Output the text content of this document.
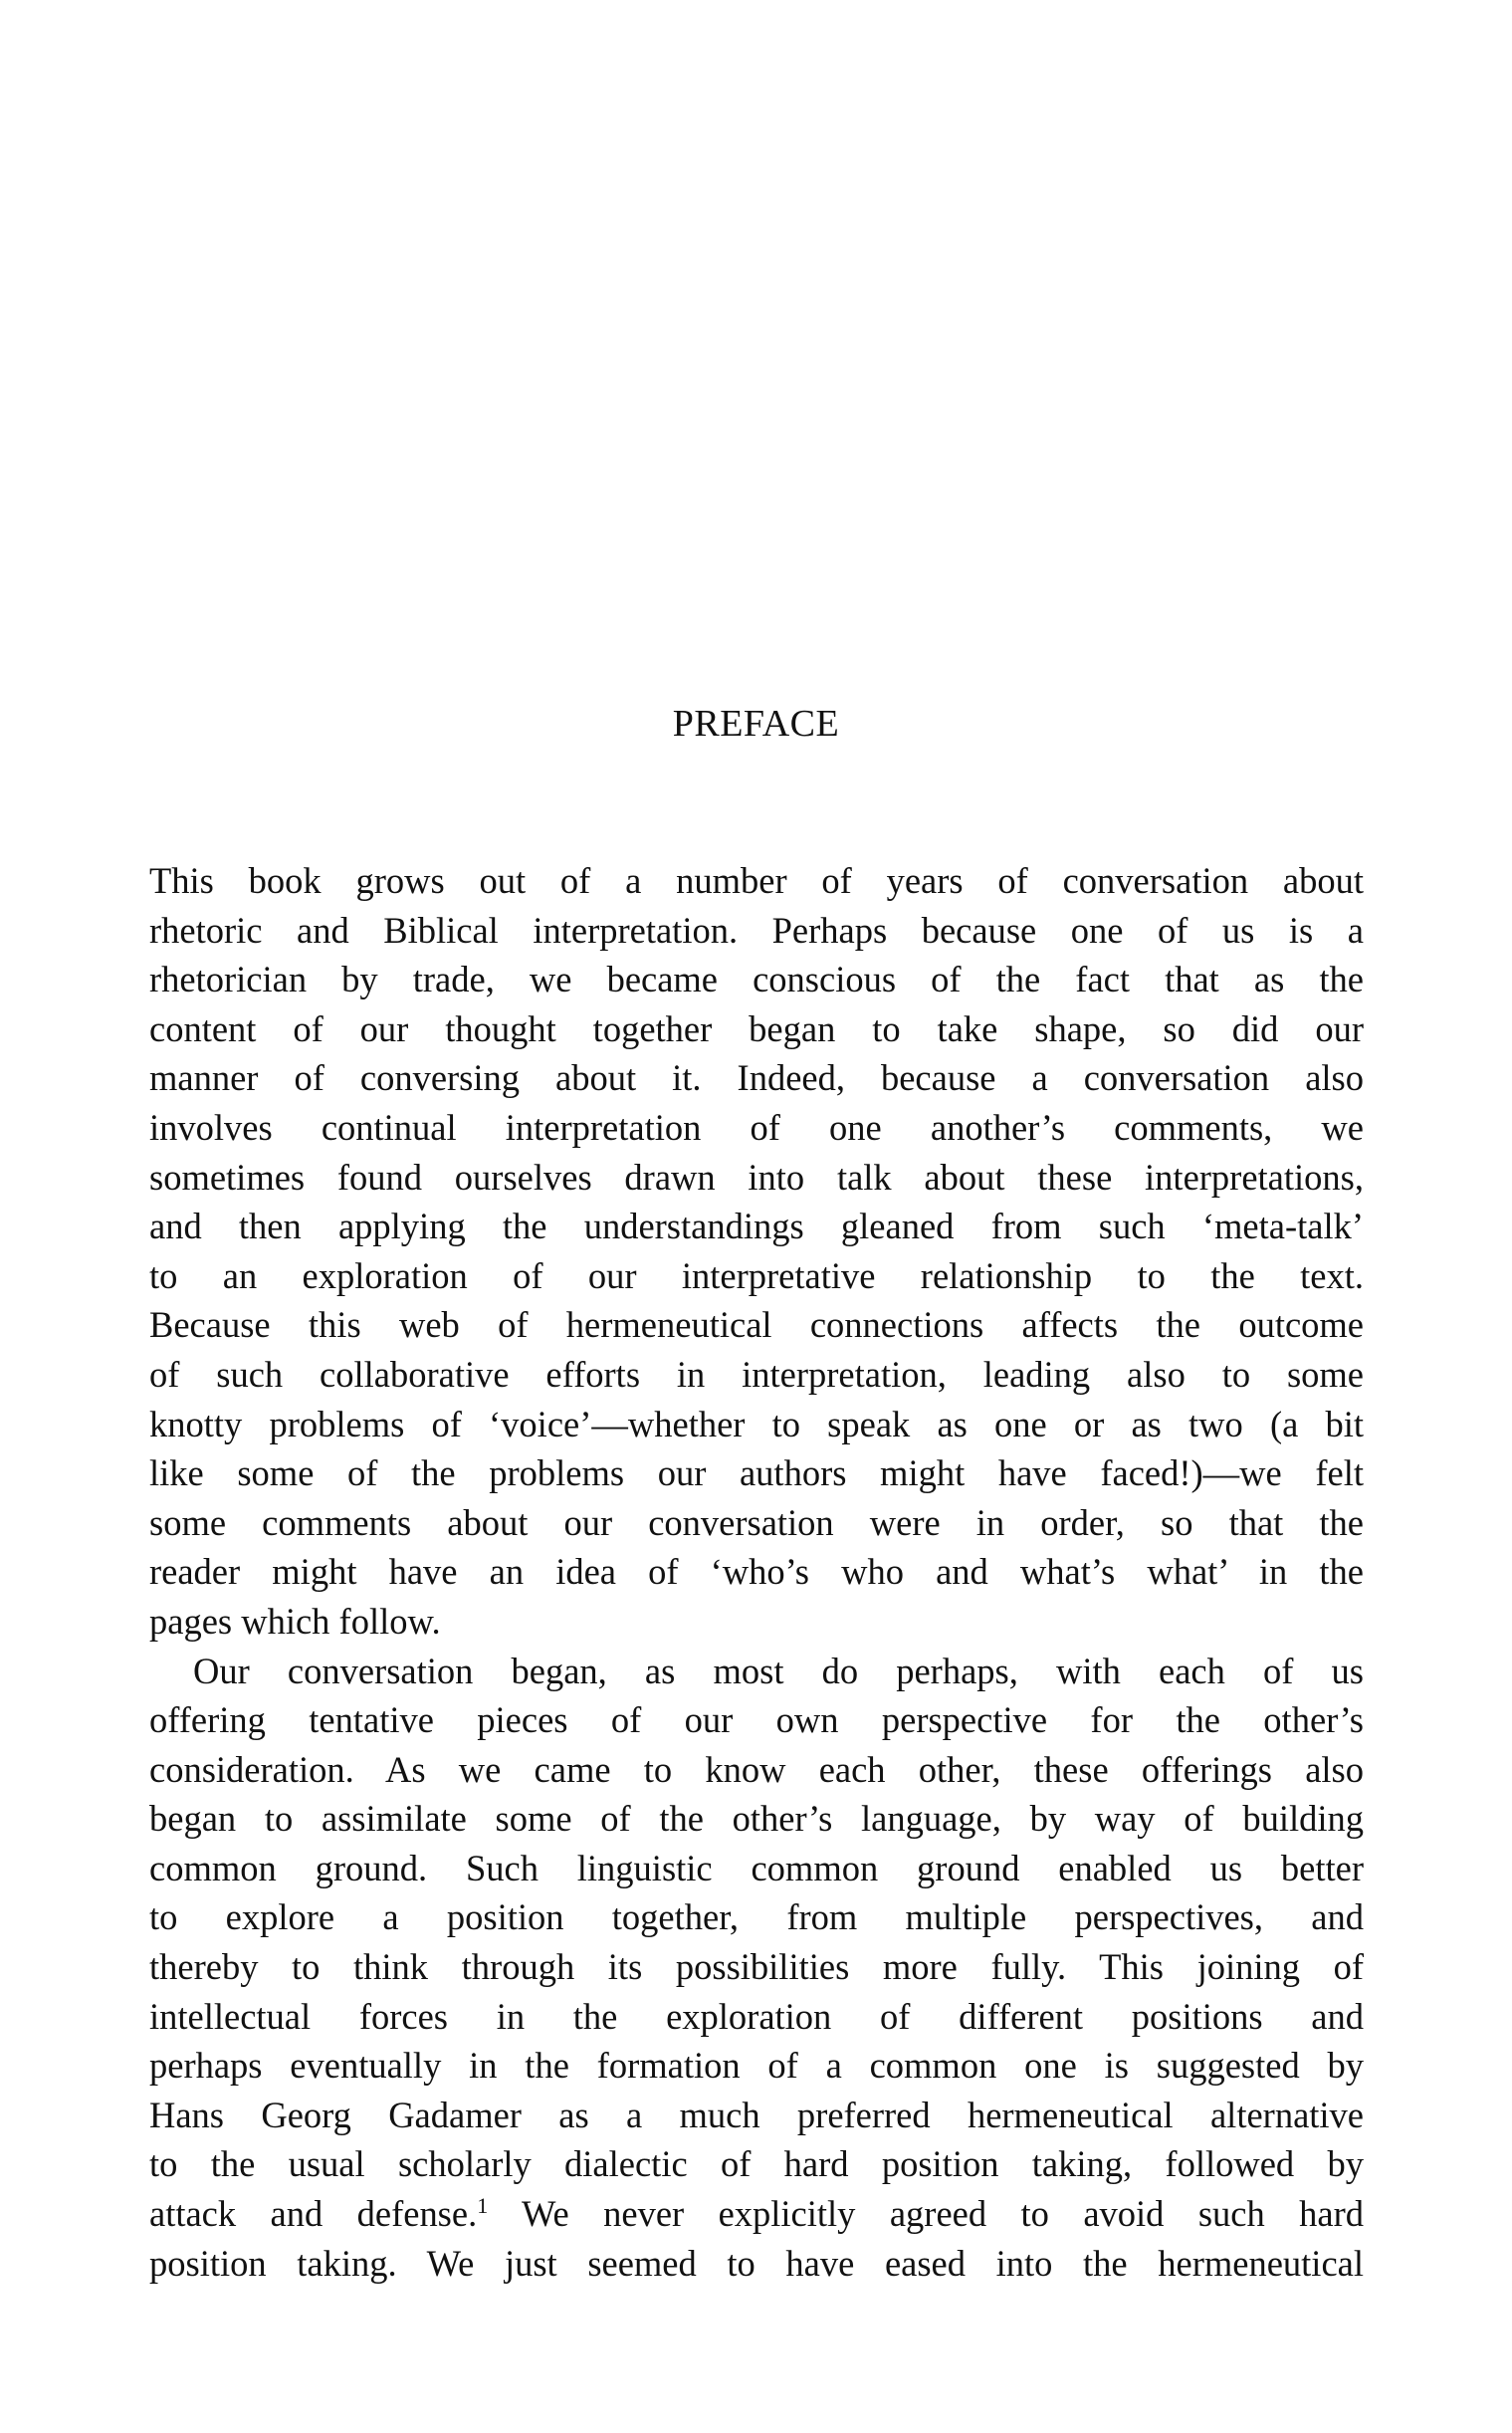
PREFACE
This book grows out of a number of years of conversation about
rhetoric and Biblical interpretation. Perhaps because one of us is a
rhetorician by trade, we became conscious of the fact that as the
content of our thought together began to take shape, so did our
manner of conversing about it. Indeed, because a conversation also
involves continual interpretation of one another’s comments, we
sometimes found ourselves drawn into talk about these interpretations,
and then applying the understandings gleaned from such ‘meta-talk’
to an exploration of our interpretative relationship to the text.
Because this web of hermeneutical connections affects the outcome
of such collaborative efforts in interpretation, leading also to some
knotty problems of ‘voice’—whether to speak as one or as two (a bit
like some of the problems our authors might have faced!)—we felt
some comments about our conversation were in order, so that the
reader might have an idea of ‘who’s who and what’s what’ in the
pages which follow.
Our conversation began, as most do perhaps, with each of us
offering tentative pieces of our own perspective for the other’s
consideration. As we came to know each other, these offerings also
began to assimilate some of the other’s language, by way of building
common ground. Such linguistic common ground enabled us better
to explore a position together, from multiple perspectives, and
thereby to think through its possibilities more fully. This joining of
intellectual forces in the exploration of different positions and
perhaps eventually in the formation of a common one is suggested by
Hans Georg Gadamer as a much preferred hermeneutical alternative
to the usual scholarly dialectic of hard position taking, followed by
attack and defense.$^1$ We never explicitly agreed to avoid such hard
position taking. We just seemed to have eased into the hermeneutical
